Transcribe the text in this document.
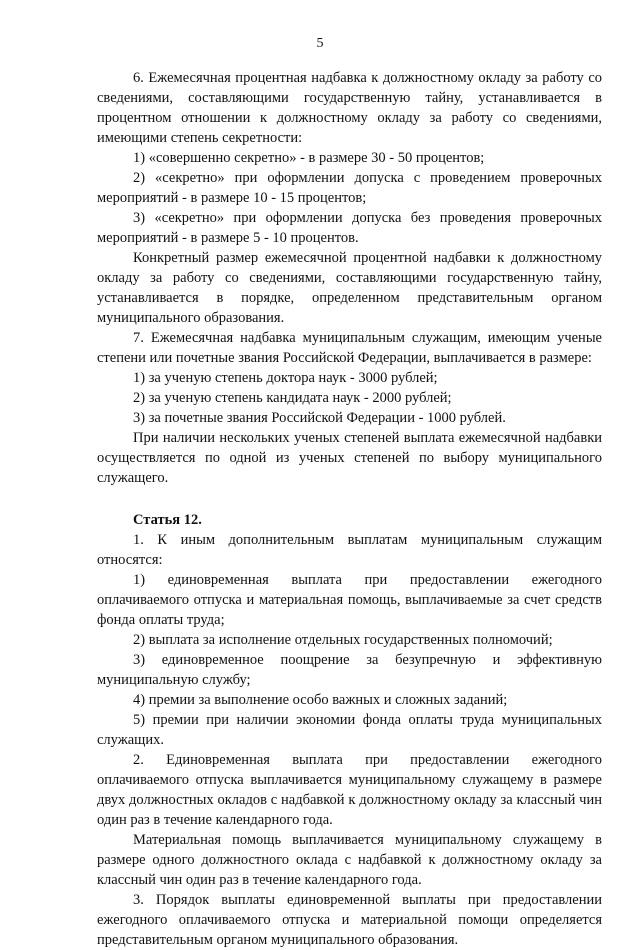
5

6. Ежемесячная процентная надбавка к должностному окладу за работу со сведениями, составляющими государственную тайну, устанавливается в процентном отношении к должностному окладу за работу со сведениями, имеющими степень секретности:

1) «совершенно секретно» - в размере 30 - 50 процентов;

2) «секретно» при оформлении допуска с проведением проверочных мероприятий - в размере 10 - 15 процентов;

3) «секретно» при оформлении допуска без проведения проверочных мероприятий - в размере 5 - 10 процентов.

Конкретный размер ежемесячной процентной надбавки к должностному окладу за работу со сведениями, составляющими государственную тайну, устанавливается в порядке, определенном представительным органом муниципального образования.

7. Ежемесячная надбавка муниципальным служащим, имеющим ученые степени или почетные звания Российской Федерации, выплачивается в размере:

1) за ученую степень доктора наук - 3000 рублей;

2) за ученую степень кандидата наук - 2000 рублей;

3) за почетные звания Российской Федерации - 1000 рублей.

При наличии нескольких ученых степеней выплата ежемесячной надбавки осуществляется по одной из ученых степеней по выбору муниципального служащего.

Статья 12.

1. К иным дополнительным выплатам муниципальным служащим относятся:

1) единовременная выплата при предоставлении ежегодного оплачиваемого отпуска и материальная помощь, выплачиваемые за счет средств фонда оплаты труда;

2) выплата за исполнение отдельных государственных полномочий;

3) единовременное поощрение за безупречную и эффективную муниципальную службу;

4) премии за выполнение особо важных и сложных заданий;

5) премии при наличии экономии фонда оплаты труда муниципальных служащих.

2. Единовременная выплата при предоставлении ежегодного оплачиваемого отпуска выплачивается муниципальному служащему в размере двух должностных окладов с надбавкой к должностному окладу за классный чин один раз в течение календарного года.

Материальная помощь выплачивается муниципальному служащему в размере одного должностного оклада с надбавкой к должностному окладу за классный чин один раз в течение календарного года.

3. Порядок выплаты единовременной выплаты при предоставлении ежегодного оплачиваемого отпуска и материальной помощи определяется представительным органом муниципального образования.
